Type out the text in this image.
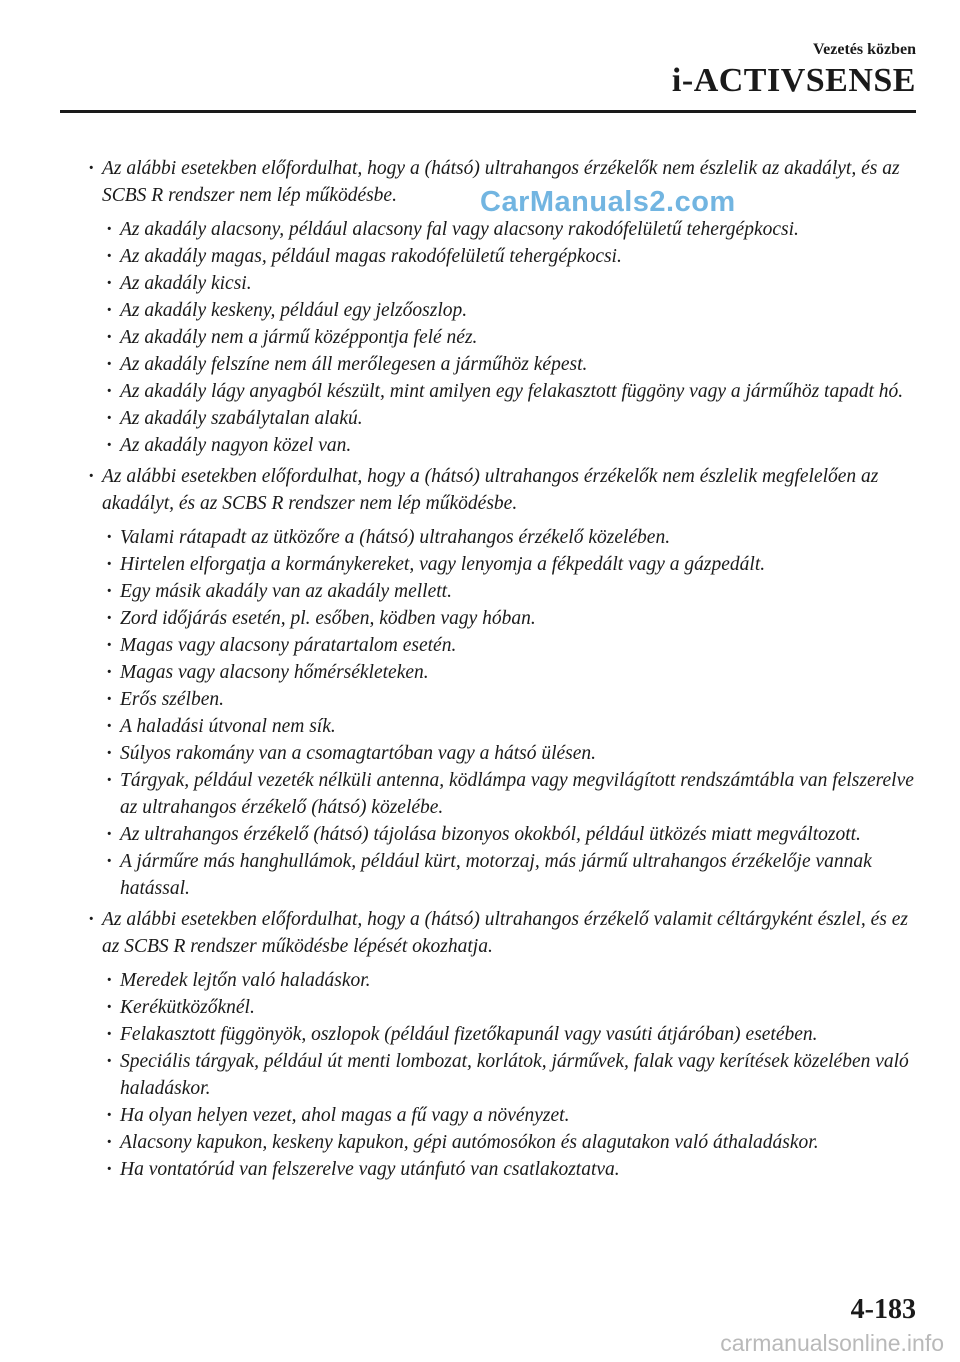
Vezetés közben
i-ACTIVSENSE
· Az alábbi esetekben előfordulhat, hogy a (hátsó) ultrahangos érzékelők nem észlelik az akadályt, és az SCBS R rendszer nem lép működésbe.
· Az akadály alacsony, például alacsony fal vagy alacsony rakodófelületű tehergépkocsi.
· Az akadály magas, például magas rakodófelületű tehergépkocsi.
· Az akadály kicsi.
· Az akadály keskeny, például egy jelzőoszlop.
· Az akadály nem a jármű középpontja felé néz.
· Az akadály felszíne nem áll merőlegesen a járműhöz képest.
· Az akadály lágy anyagból készült, mint amilyen egy felakasztott függöny vagy a járműhöz tapadt hó.
· Az akadály szabálytalan alakú.
· Az akadály nagyon közel van.
· Az alábbi esetekben előfordulhat, hogy a (hátsó) ultrahangos érzékelők nem észlelik megfelelően az akadályt, és az SCBS R rendszer nem lép működésbe.
· Valami rátapadt az ütközőre a (hátsó) ultrahangos érzékelő közelében.
· Hirtelen elforgatja a kormánykereket, vagy lenyomja a fékpedált vagy a gázpedált.
· Egy másik akadály van az akadály mellett.
· Zord időjárás esetén, pl. esőben, ködben vagy hóban.
· Magas vagy alacsony páratartalom esetén.
· Magas vagy alacsony hőmérsékleteken.
· Erős szélben.
· A haladási útvonal nem sík.
· Súlyos rakomány van a csomagtartóban vagy a hátsó ülésen.
· Tárgyak, például vezeték nélküli antenna, ködlámpa vagy megvilágított rendszámtábla van felszerelve az ultrahangos érzékelő (hátsó) közelébe.
· Az ultrahangos érzékelő (hátsó) tájolása bizonyos okokból, például ütközés miatt megváltozott.
· A járműre más hanghullámok, például kürt, motorzaj, más jármű ultrahangos érzékelője vannak hatással.
· Az alábbi esetekben előfordulhat, hogy a (hátsó) ultrahangos érzékelő valamit céltárgyként észlel, és ez az SCBS R rendszer működésbe lépését okozhatja.
· Meredek lejtőn való haladáskor.
· Kerékütközőknél.
· Felakasztott függönyök, oszlopok (például fizetőkapunál vagy vasúti átjáróban) esetében.
· Speciális tárgyak, például út menti lombozat, korlátok, járművek, falak vagy kerítések közelében való haladáskor.
· Ha olyan helyen vezet, ahol magas a fű vagy a növényzet.
· Alacsony kapukon, keskeny kapukon, gépi autómosókon és alagutakon való áthaladáskor.
· Ha vontatórúd van felszerelve vagy utánfutó van csatlakoztatva.
CarManuals2.com
4-183
carmanualsonline.info
